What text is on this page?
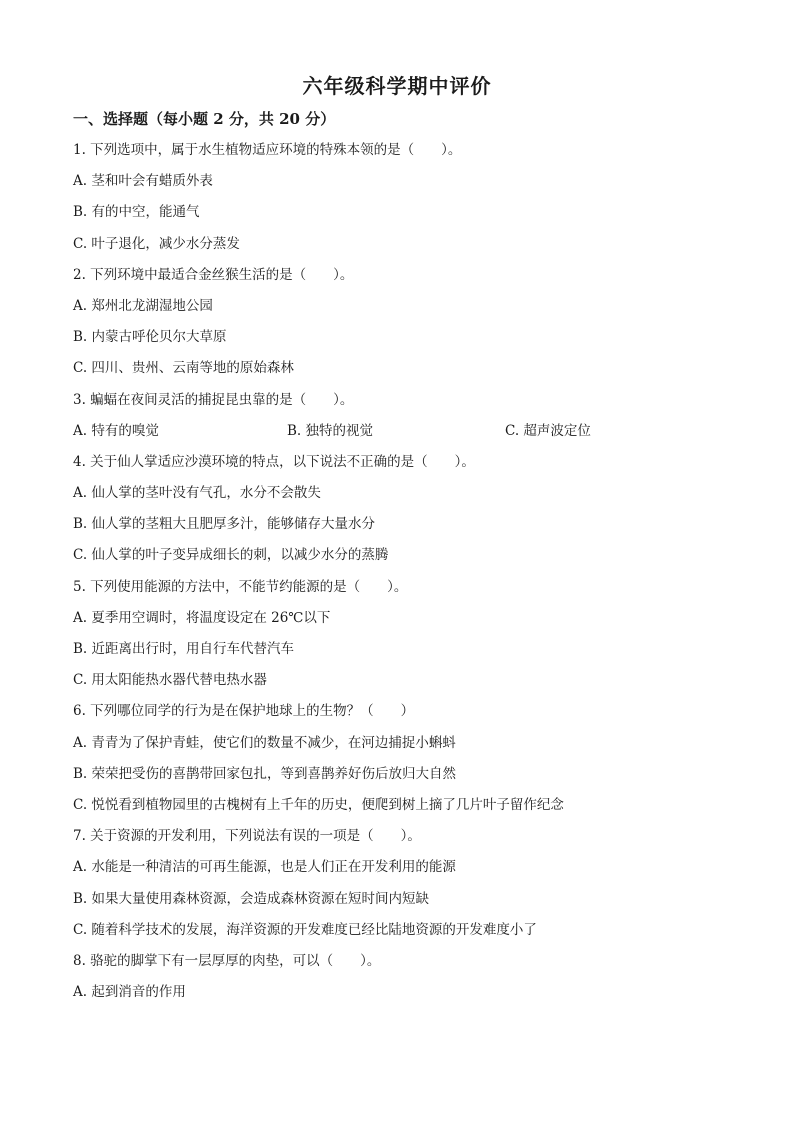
六年级科学期中评价
一、选择题（每小题 2 分，共 20 分）
1. 下列选项中，属于水生植物适应环境的特殊本领的是（　　）。
A. 茎和叶会有蜡质外表
B. 有的中空，能通气
C. 叶子退化，减少水分蒸发
2. 下列环境中最适合金丝猴生活的是（　　）。
A. 郑州北龙湖湿地公园
B. 内蒙古呼伦贝尔大草原
C. 四川、贵州、云南等地的原始森林
3. 蝙蝠在夜间灵活的捕捉昆虫靠的是（　　）。
A. 特有的嗅觉	B. 独特的视觉	C. 超声波定位
4. 关于仙人掌适应沙漠环境的特点，以下说法不正确的是（　　）。
A. 仙人掌的茎叶没有气孔，水分不会散失
B. 仙人掌的茎粗大且肥厚多汁，能够储存大量水分
C. 仙人掌的叶子变异成细长的刺，以减少水分的蒸腾
5. 下列使用能源的方法中，不能节约能源的是（　　）。
A. 夏季用空调时，将温度设定在 26℃以下
B. 近距离出行时，用自行车代替汽车
C. 用太阳能热水器代替电热水器
6. 下列哪位同学的行为是在保护地球上的生物？（　　）
A. 青青为了保护青蛙，使它们的数量不减少，在河边捕捉小蝌蚪
B. 荣荣把受伤的喜鹊带回家包扎，等到喜鹊养好伤后放归大自然
C. 悦悦看到植物园里的古槐树有上千年的历史，便爬到树上摘了几片叶子留作纪念
7. 关于资源的开发利用，下列说法有误的一项是（　　）。
A. 水能是一种清洁的可再生能源，也是人们正在开发利用的能源
B. 如果大量使用森林资源，会造成森林资源在短时间内短缺
C. 随着科学技术的发展，海洋资源的开发难度已经比陆地资源的开发难度小了
8. 骆驼的脚掌下有一层厚厚的肉垫，可以（　　）。
A. 起到消音的作用
